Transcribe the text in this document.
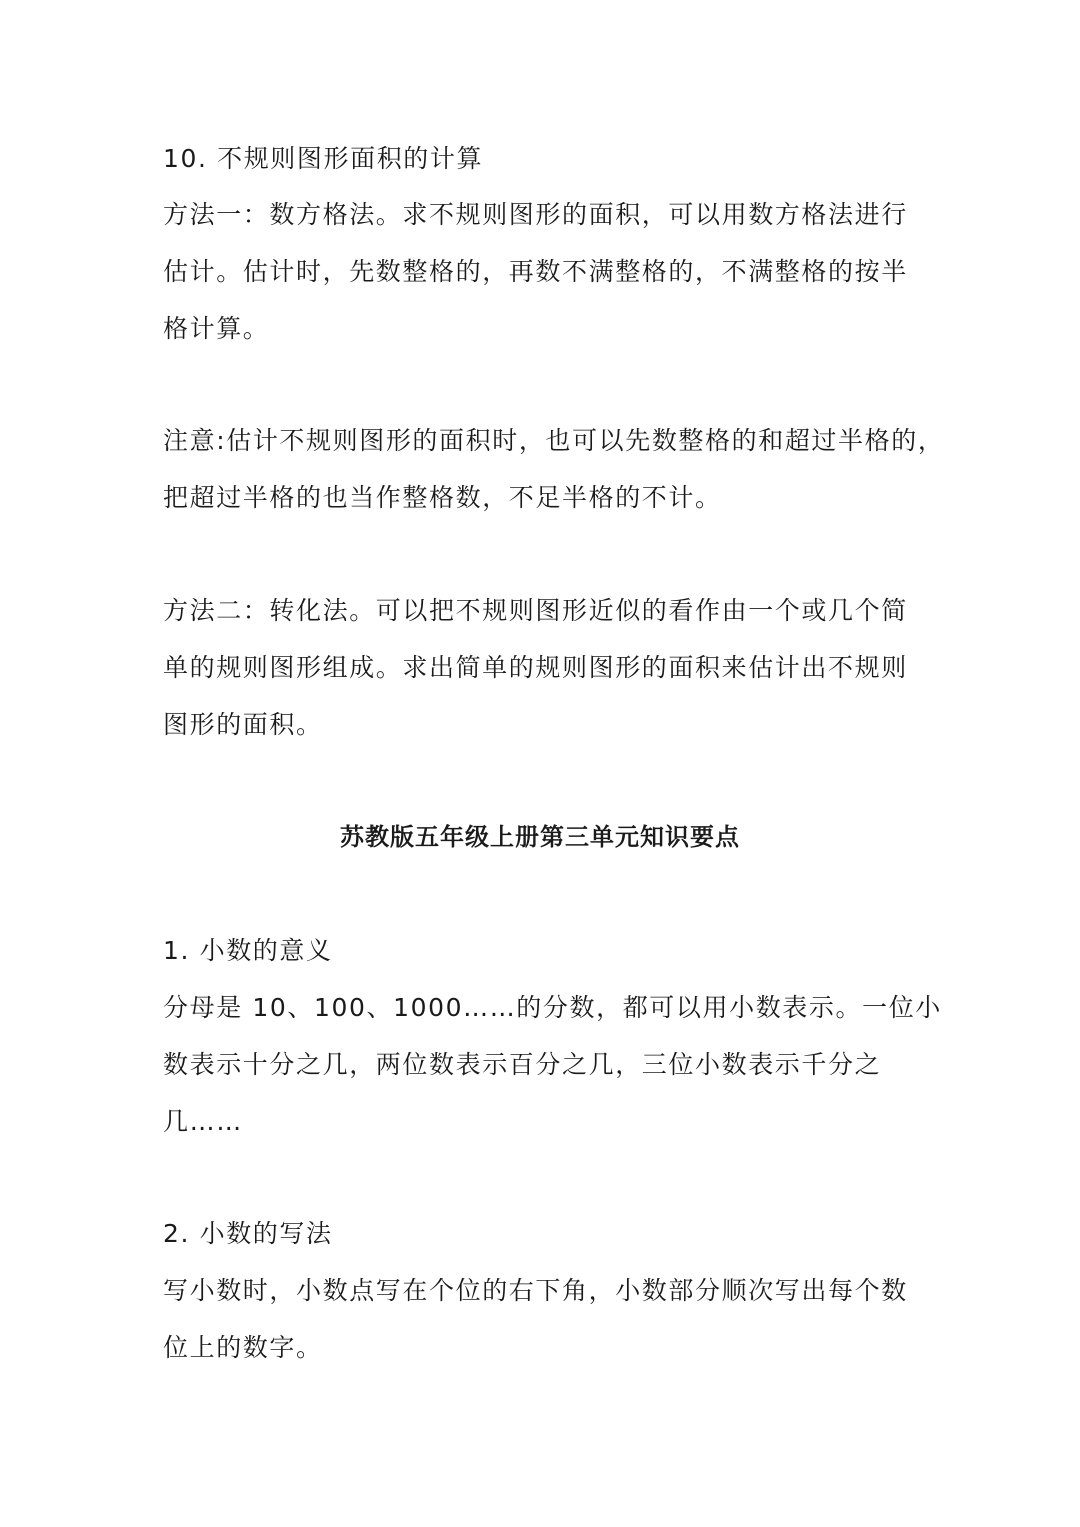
10. 不规则图形面积的计算
方法一：数方格法。求不规则图形的面积，可以用数方格法进行
估计。估计时，先数整格的，再数不满整格的，不满整格的按半
格计算。
注意:估计不规则图形的面积时，也可以先数整格的和超过半格的，
把超过半格的也当作整格数，不足半格的不计。
方法二：转化法。可以把不规则图形近似的看作由一个或几个简
单的规则图形组成。求出简单的规则图形的面积来估计出不规则
图形的面积。
苏教版五年级上册第三单元知识要点
1. 小数的意义
分母是 10、100、1000……的分数，都可以用小数表示。一位小
数表示十分之几，两位数表示百分之几，三位小数表示千分之
几……
2. 小数的写法
写小数时，小数点写在个位的右下角，小数部分顺次写出每个数
位上的数字。
